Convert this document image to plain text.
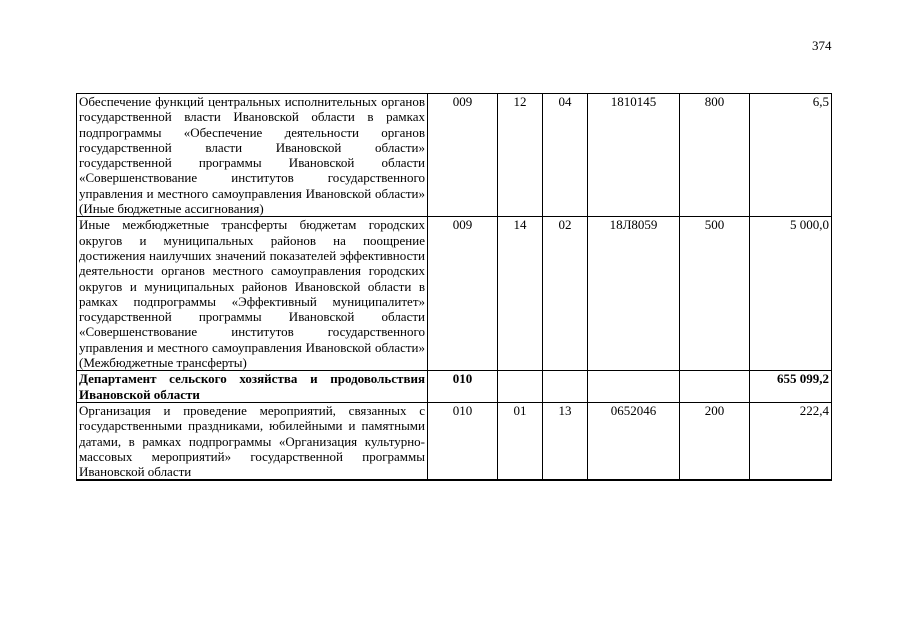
374
Обеспечение функций центральных исполнительных органов государственной власти Ивановской области в рамках подпрограммы «Обеспечение деятельности органов государственной власти Ивановской области» государственной программы Ивановской области «Совершенствование институтов государственного управления и местного самоуправления Ивановской области» (Иные бюджетные ассигнования)	009	12	04	1810145	800	6,5
Иные межбюджетные трансферты бюджетам городских округов и муниципальных районов на поощрение достижения наилучших значений показателей эффективности деятельности органов местного самоуправления городских округов и муниципальных районов Ивановской области в рамках подпрограммы «Эффективный муниципалитет» государственной программы Ивановской области «Совершенствование институтов государственного управления и местного самоуправления Ивановской области» (Межбюджетные трансферты)	009	14	02	18Л8059	500	5 000,0
Департамент сельского хозяйства и продовольствия Ивановской области	010					655 099,2

Организация и проведение мероприятий, связанных с государственными праздниками, юбилейными и памятными датами, в рамках подпрограммы «Организация культурно-массовых мероприятий» государственной программы Ивановской области	010	01	13	0652046	200	222,4
